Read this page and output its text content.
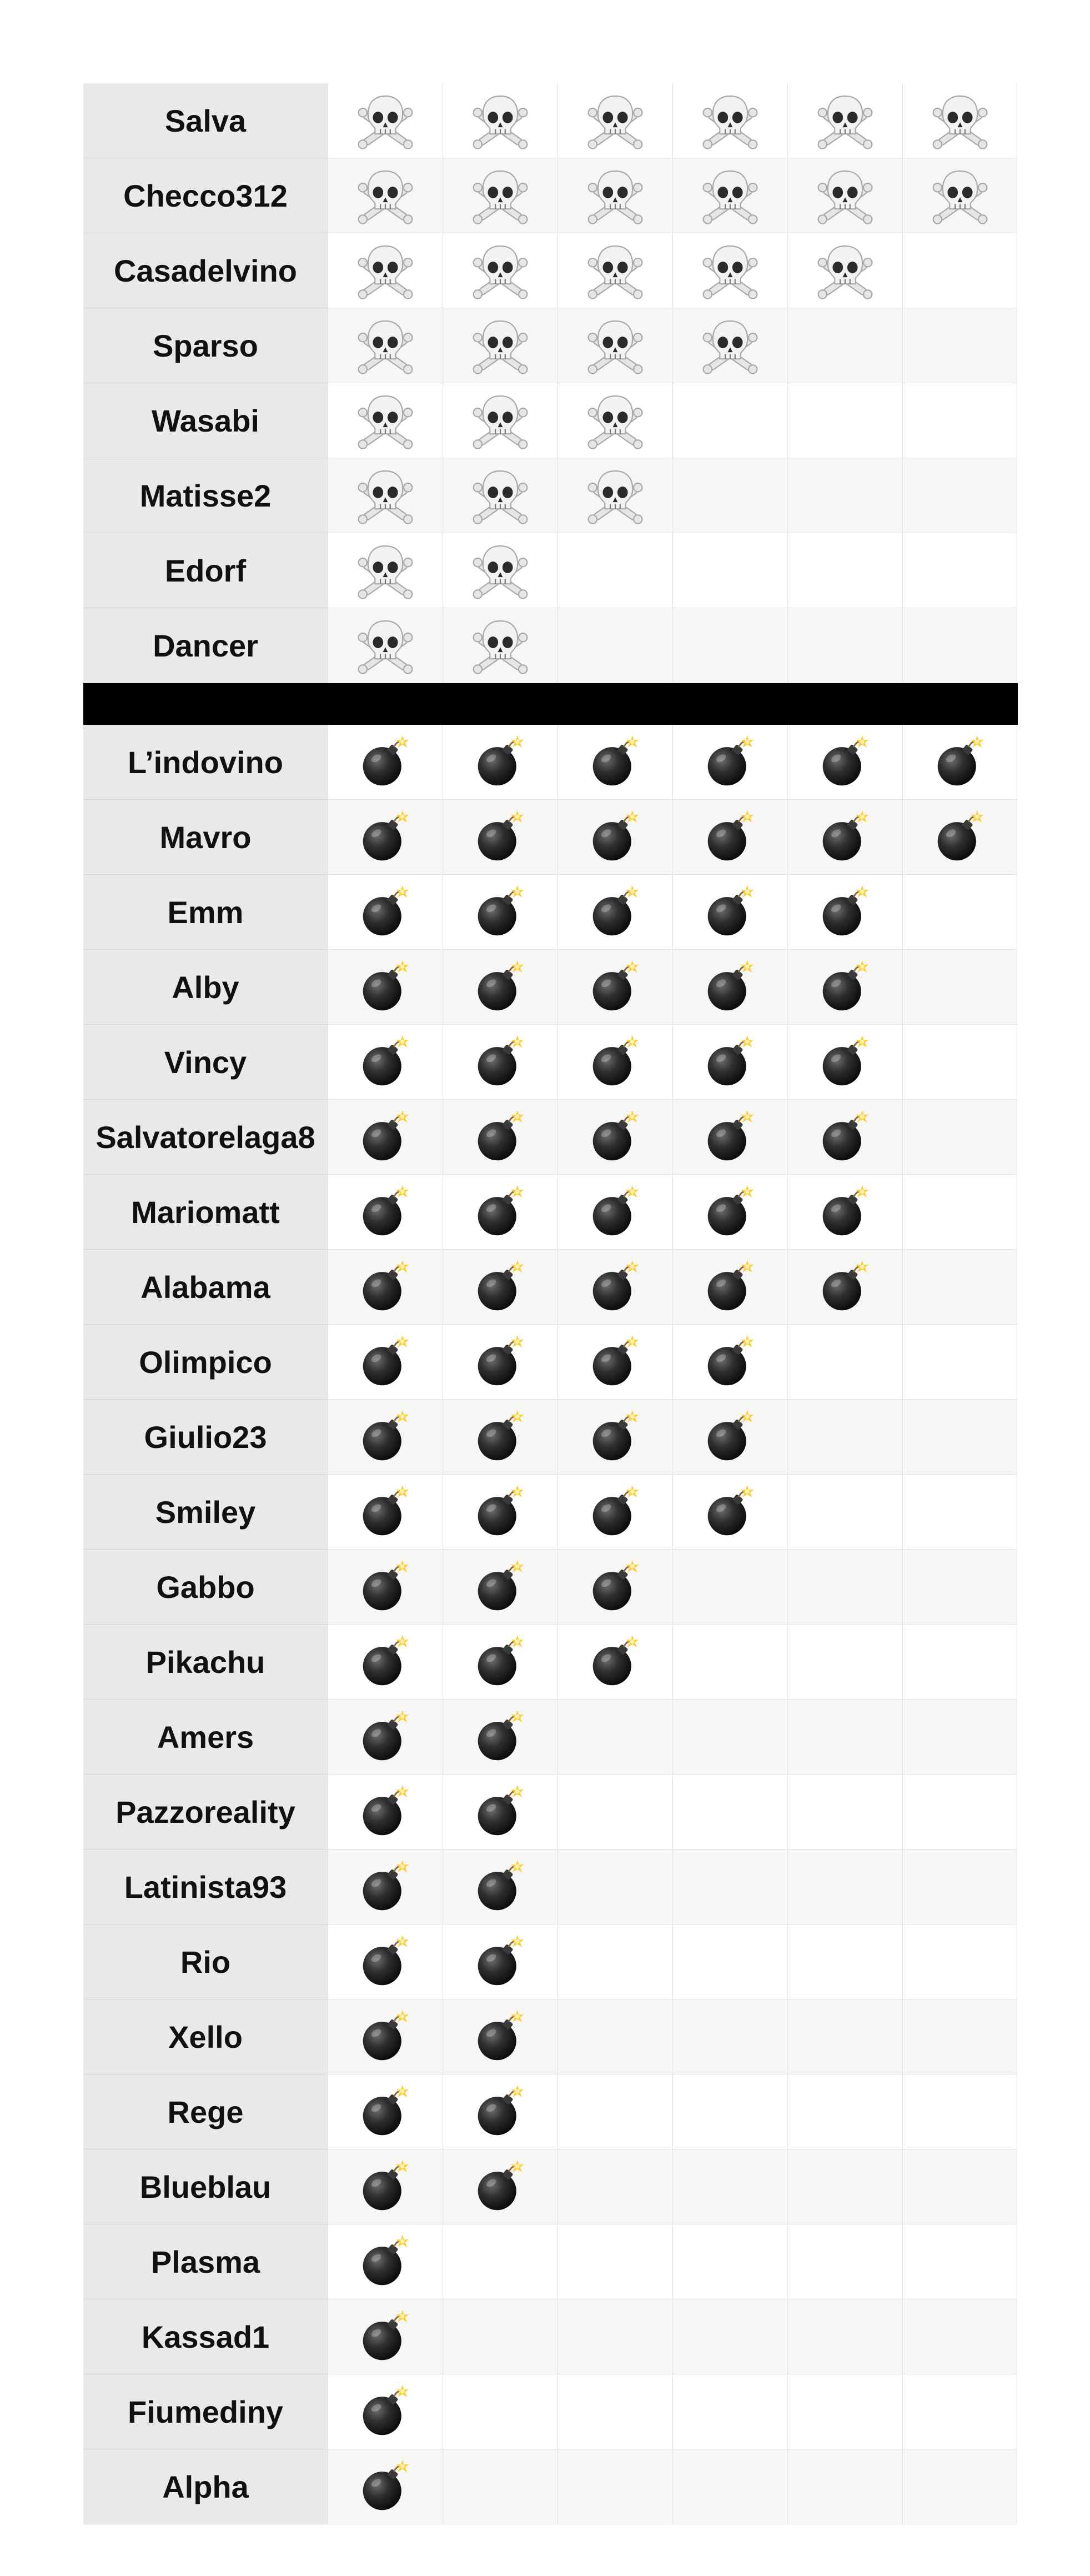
Salva
Checco312
Casadelvino
Sparso
Wasabi
Matisse2
Edorf
Dancer
L’indovino
Mavro
Emm
Alby
Vincy
Salvatorelaga8
Mariomatt
Alabama
Olimpico
Giulio23
Smiley
Gabbo
Pikachu
Amers
Pazzoreality
Latinista93
Rio
Xello
Rege
Blueblau
Plasma
Kassad1
Fiumediny
Alpha
